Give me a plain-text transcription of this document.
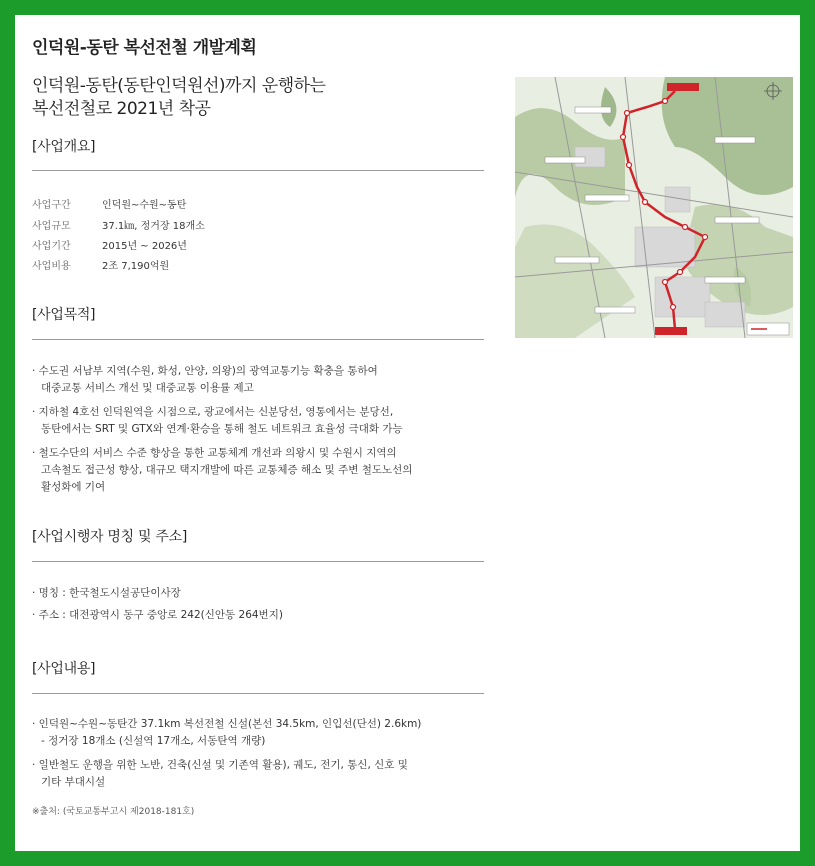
인덕원-동탄 복선전철 개발계획
인덕원-동탄(동탄인덕원선)까지 운행하는
복선전철로 2021년 착공
[사업개요]
사업구간	인덕원~수원~동탄
사업규모	37.1㎞, 정거장 18개소
사업기간	2015년 ~ 2026년
사업비용	2조 7,190억원
[사업목적]
· 수도권 서남부 지역(수원, 화성, 안양, 의왕)의 광역교통기능 확충을 통하여
대중교통 서비스 개선 및 대중교통 이용률 제고
· 지하철 4호선 인덕원역을 시점으로, 광교에서는 신분당선, 영통에서는 분당선,
동탄에서는 SRT 및 GTX와 연계·환승을 통해 철도 네트워크 효율성 극대화 가능
· 철도수단의 서비스 수준 향상을 통한 교통체계 개선과 의왕시 및 수원시 지역의
고속철도 접근성 향상, 대규모 택지개발에 따른 교통체증 해소 및 주변 철도노선의
활성화에 기여
[사업시행자 명칭 및 주소]
· 명칭 : 한국철도시설공단이사장
· 주소 : 대전광역시 동구 중앙로 242(신안동 264번지)
[사업내용]
· 인덕원~수원~동탄간 37.1km 복선전철 신설(본선 34.5km, 인입선(단선) 2.6km)
- 정거장 18개소 (신설역 17개소, 서동탄역 개량)
· 일반철도 운행을 위한 노반, 건축(신설 및 기존역 활용), 궤도, 전기, 통신, 신호 및
기타 부대시설
※출처: (국토교통부고시 제2018-181호)
